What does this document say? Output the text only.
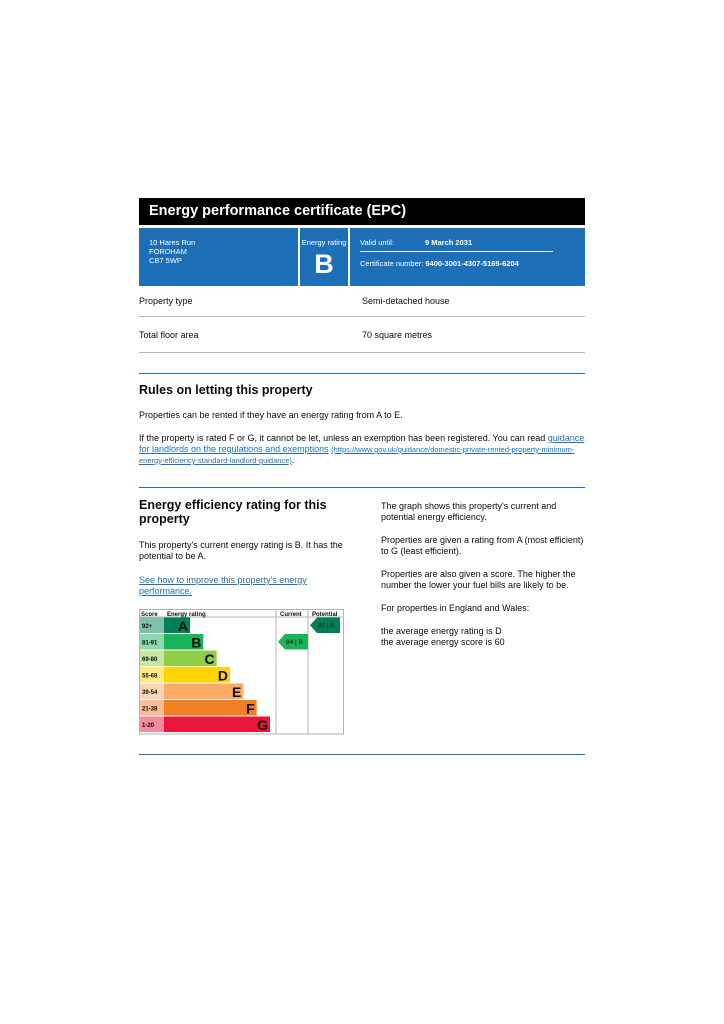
Energy performance certificate (EPC)
10 Hares Run
FORDHAM
CB7 5WP
Energy rating
B
Valid until:	9 March 2031
Certificate number: 9400-3001-4307-5169-6204
Property type	Semi-detached house
Total floor area	70 square metres
Rules on letting this property

Properties can be rented if they have an energy rating from A to E.

If the property is rated F or G, it cannot be let, unless an exemption has been registered. You can read guidance for landlords on the regulations and exemptions (https://www.gov.uk/guidance/domestic-private-rented-property-minimum-energy-efficiency-standard-landlord-guidance).

Energy efficiency rating for this property

This property's current energy rating is B. It has the potential to be A.

See how to improve this property's energy performance.

Score Energy rating	Current Potential
92+ A
81-91 B
69-80	C
55-68	D
39-54	E
21-38	F
1-20	G
84 | B
97 | A

The graph shows this property's current and potential energy efficiency.

Properties are given a rating from A (most efficient) to G (least efficient).

Properties are also given a score. The higher the number the lower your fuel bills are likely to be.

For properties in England and Wales:

the average energy rating is D

the average energy score is 60
